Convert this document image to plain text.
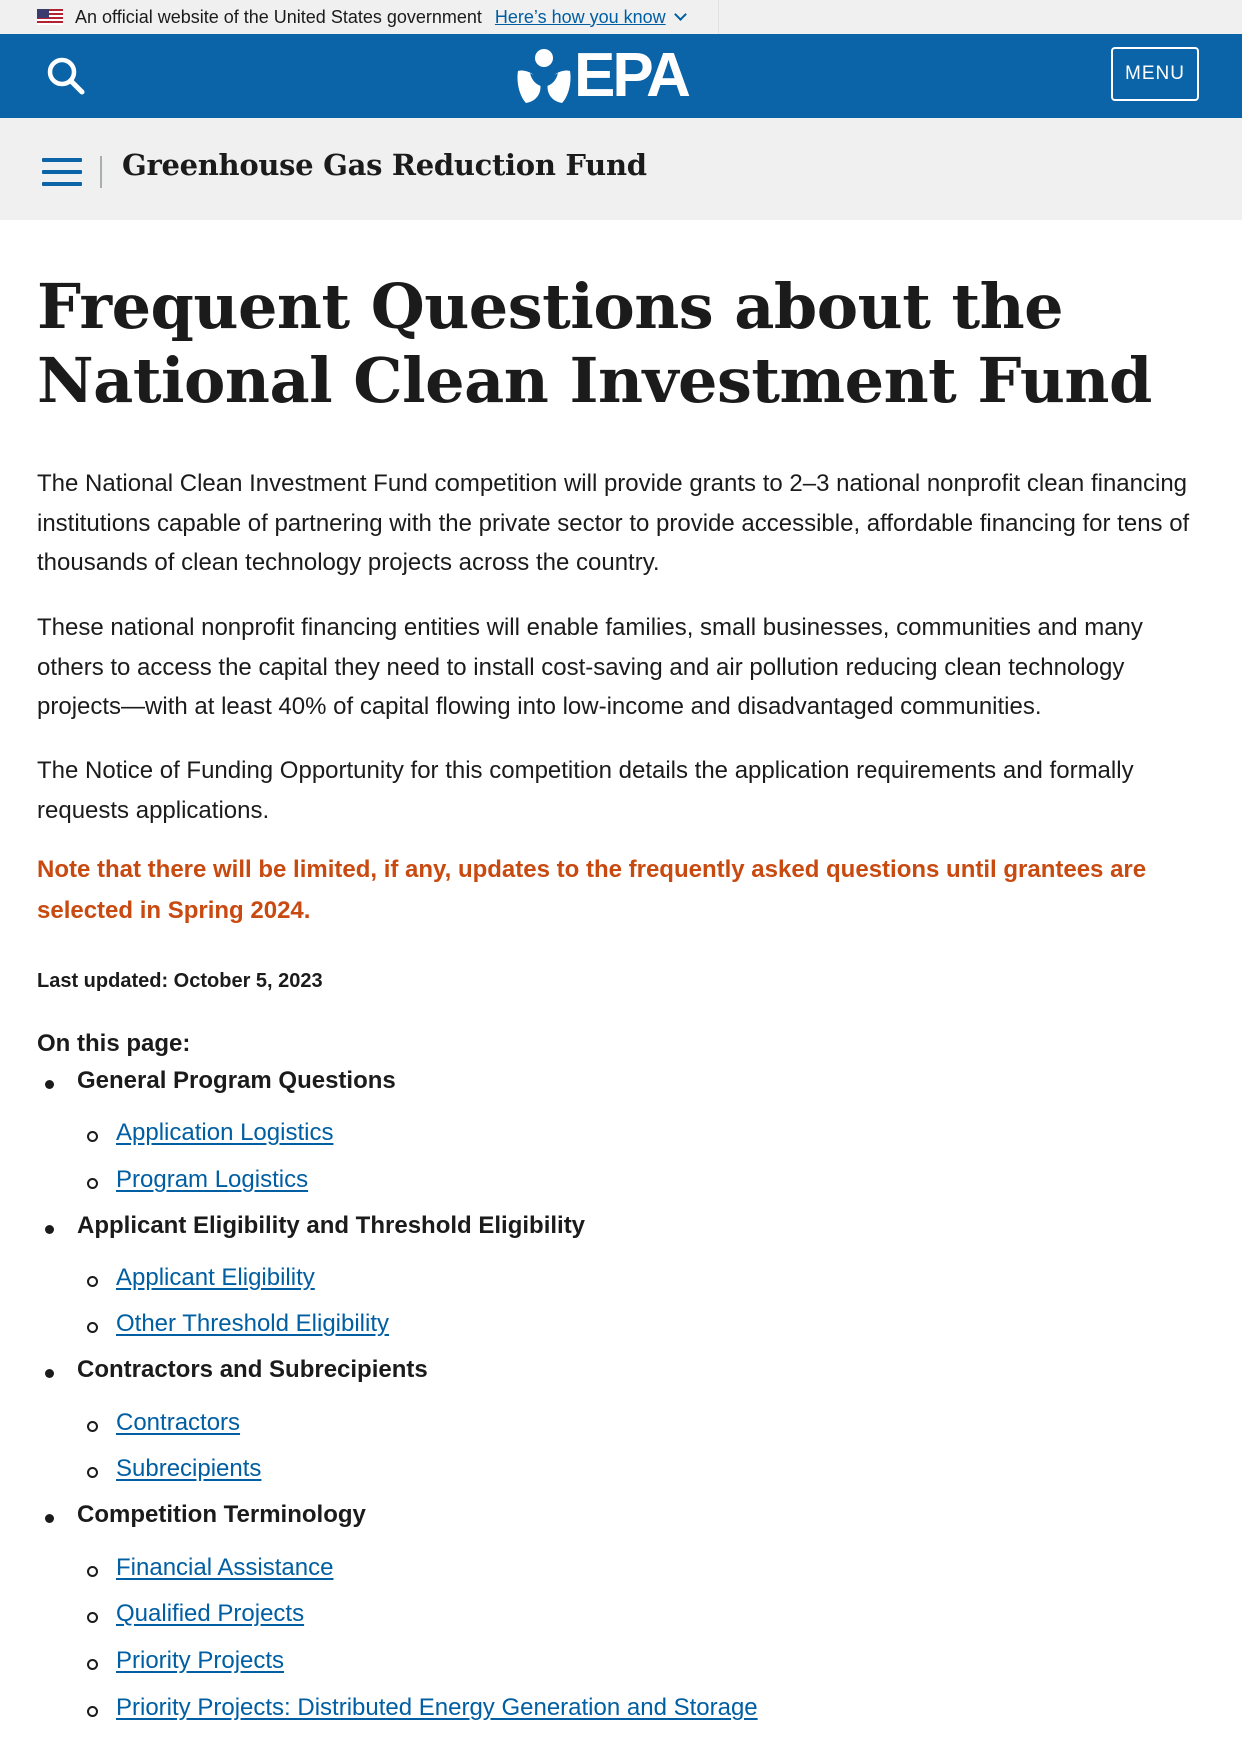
An official website of the United States government Here’s how you know
EPA	MENU
Greenhouse Gas Reduction Fund
Frequent Questions about the
National Clean Investment Fund

The National Clean Investment Fund competition will provide grants to 2–3 national nonprofit clean financing institutions capable of partnering with the private sector to provide accessible, affordable financing for tens of thousands of clean technology projects across the country.

These national nonprofit financing entities will enable families, small businesses, communities and many others to access the capital they need to install cost-saving and air pollution reducing clean technology projects—with at least 40% of capital flowing into low-income and disadvantaged communities.

The Notice of Funding Opportunity for this competition details the application requirements and formally requests applications.

Note that there will be limited, if any, updates to the frequently asked questions until grantees are selected in Spring 2024.

Last updated: October 5, 2023

On this page:

General Program Questions
Application Logistics
Program Logistics
Applicant Eligibility and Threshold Eligibility
Applicant Eligibility
Other Threshold Eligibility
Contractors and Subrecipients
Contractors
Subrecipients
Competition Terminology
Financial Assistance
Qualified Projects
Priority Projects
Priority Projects: Distributed Energy Generation and Storage
